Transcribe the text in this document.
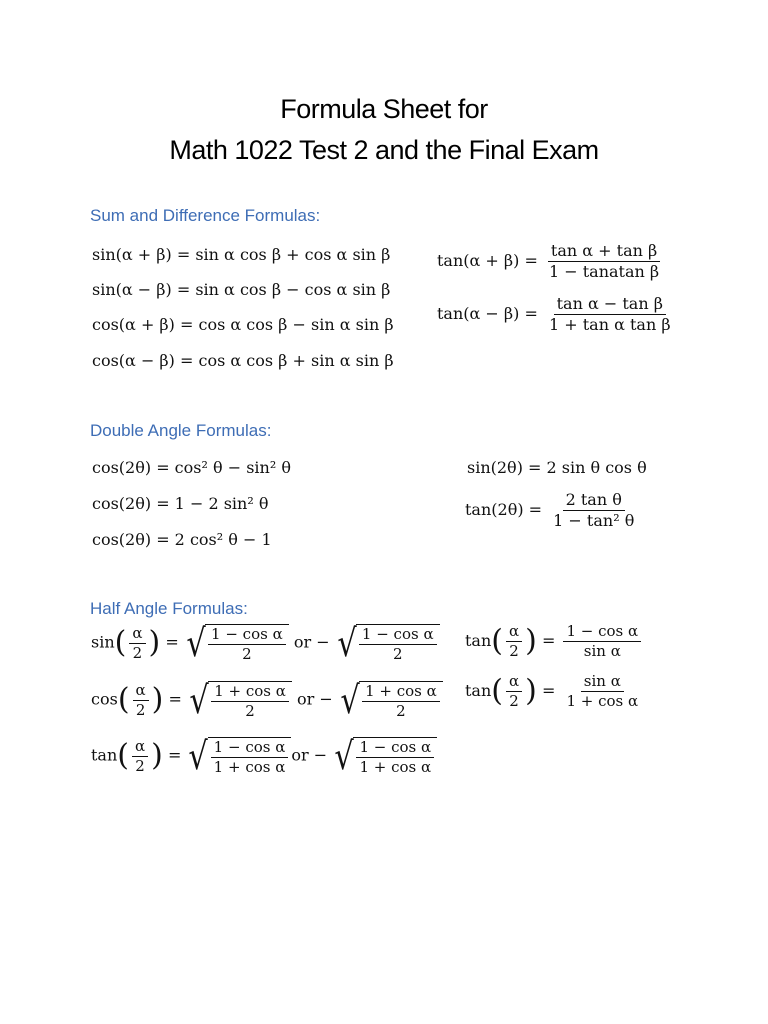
Formula Sheet for
Math 1022 Test 2 and the Final Exam
Sum and Difference Formulas:
sin(α + β) = sin α cos β + cos α sin β
sin(α − β) = sin α cos β − cos α sin β
cos(α + β) = cos α cos β − sin α sin β
cos(α − β) = cos α cos β + sin α sin β
$\tan(\alpha + \beta) = \frac{\text{tan α + tan β}}{\text{1 − tanatan β}}$
$\tan(\alpha - \beta) = \frac{\text{tan α − tan β}}{\text{1 + tan α tan β}}$
Double Angle Formulas:
cos(2θ) = cos² θ − sin² θ
cos(2θ) = 1 − 2 sin² θ
cos(2θ) = 2 cos² θ − 1
sin(2θ) = 2 sin θ cos θ
$\tan(2\theta) = \frac{\text{2 tan θ}}{\text{1 − tan² θ}}$
Half Angle Formulas:
$\sin( \frac{\alpha}{2}$ ) = √ $\frac{\text{1 − cos α}}{2}$ or − √ $\frac{\text{1 − cos α}}{2}$
$\cos( \frac{\alpha}{2}$ ) = √ $\frac{\text{1 + cos α}}{2}$ or − √ $\frac{\text{1 + cos α}}{2}$
$\tan( \frac{\alpha}{2}$ ) = √ $\frac{\text{1 − cos α}}{\text{1 + cos α}}$ or − √ $\frac{\text{1 − cos α}}{\text{1 + cos α}}$
$\tan( \frac{\alpha}{2}$ ) = $\frac{\text{1 − cos α}}{\text{sin α}}$
$\tan( \frac{\alpha}{2}$ ) = $\frac{\text{sin α}}{\text{1 + cos α}}$
